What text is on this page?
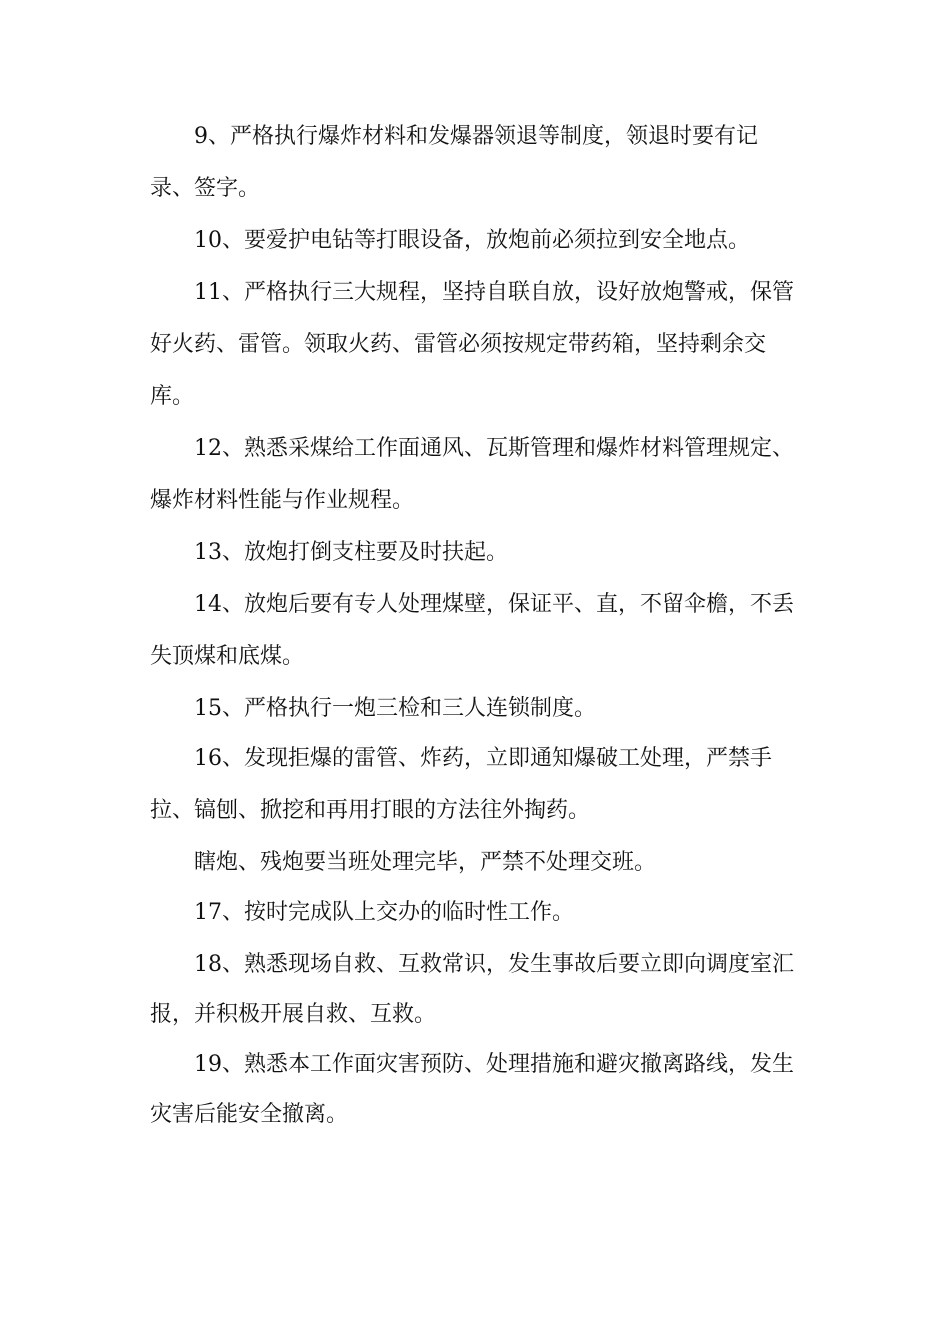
9、严格执行爆炸材料和发爆器领退等制度，领退时要有记

录、签字。

10、要爱护电钻等打眼设备，放炮前必须拉到安全地点。

11、严格执行三大规程，坚持自联自放，设好放炮警戒，保管

好火药、雷管。领取火药、雷管必须按规定带药箱，坚持剩余交

库。

12、熟悉采煤给工作面通风、瓦斯管理和爆炸材料管理规定、

爆炸材料性能与作业规程。

13、放炮打倒支柱要及时扶起。

14、放炮后要有专人处理煤壁，保证平、直，不留伞檐，不丢

失顶煤和底煤。

15、严格执行一炮三检和三人连锁制度。

16、发现拒爆的雷管、炸药，立即通知爆破工处理，严禁手

拉、镐刨、掀挖和再用打眼的方法往外掏药。

瞎炮、残炮要当班处理完毕，严禁不处理交班。

17、按时完成队上交办的临时性工作。

18、熟悉现场自救、互救常识，发生事故后要立即向调度室汇

报，并积极开展自救、互救。

19、熟悉本工作面灾害预防、处理措施和避灾撤离路线，发生

灾害后能安全撤离。
